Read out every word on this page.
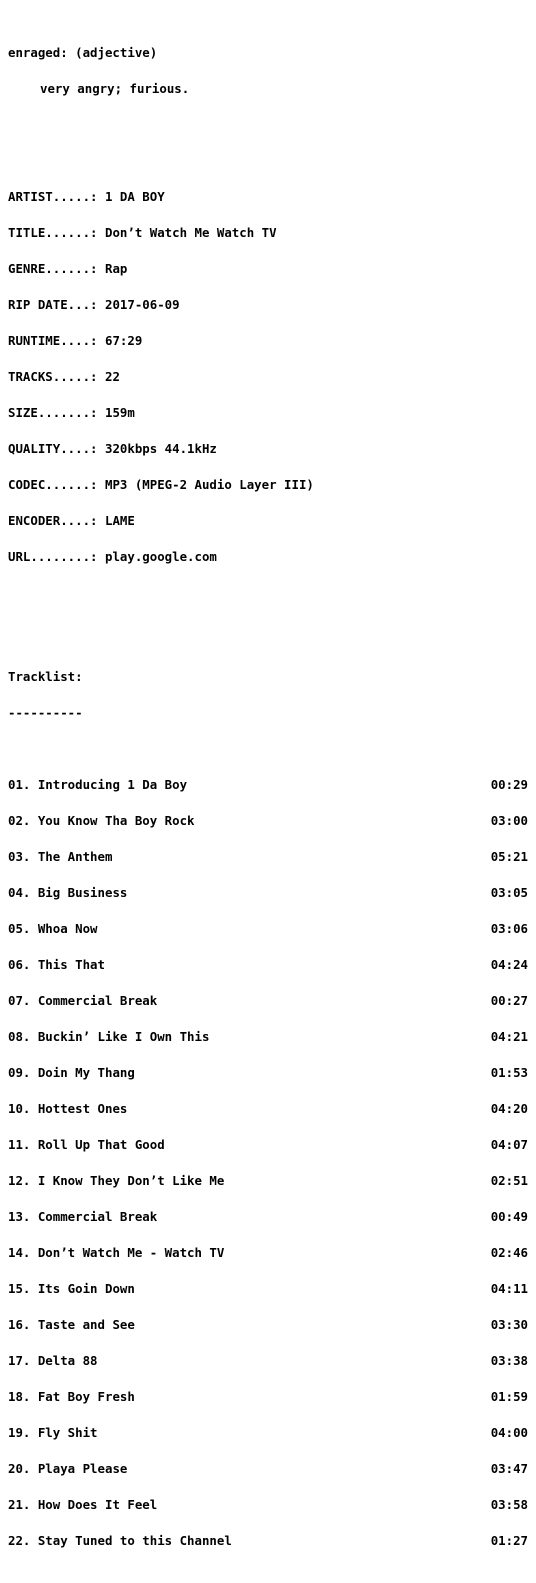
enraged: (adjective)

very angry; furious.

ARTIST.....: 1 DA BOY

TITLE......: Don’t Watch Me Watch TV

GENRE......: Rap

RIP DATE...: 2017-06-09

RUNTIME....: 67:29

TRACKS.....: 22

SIZE.......: 159m

QUALITY....: 320kbps 44.1kHz

CODEC......: MP3 (MPEG-2 Audio Layer III)

ENCODER....: LAME

URL........: play.google.com

Tracklist:

----------

01. Introducing 1 Da Boy	00:29

02. You Know Tha Boy Rock	03:00

03. The Anthem	05:21

04. Big Business	03:05

05. Whoa Now	03:06

06. This That	04:24

07. Commercial Break	00:27

08. Buckin’ Like I Own This	04:21

09. Doin My Thang	01:53

10. Hottest Ones	04:20

11. Roll Up That Good	04:07

12. I Know They Don’t Like Me	02:51

13. Commercial Break	00:49

14. Don’t Watch Me - Watch TV	02:46

15. Its Goin Down	04:11

16. Taste and See	03:30

17. Delta 88	03:38

18. Fat Boy Fresh	01:59

19. Fly Shit	04:00

20. Playa Please	03:47

21. How Does It Feel	03:58

22. Stay Tuned to this Channel	01:27
